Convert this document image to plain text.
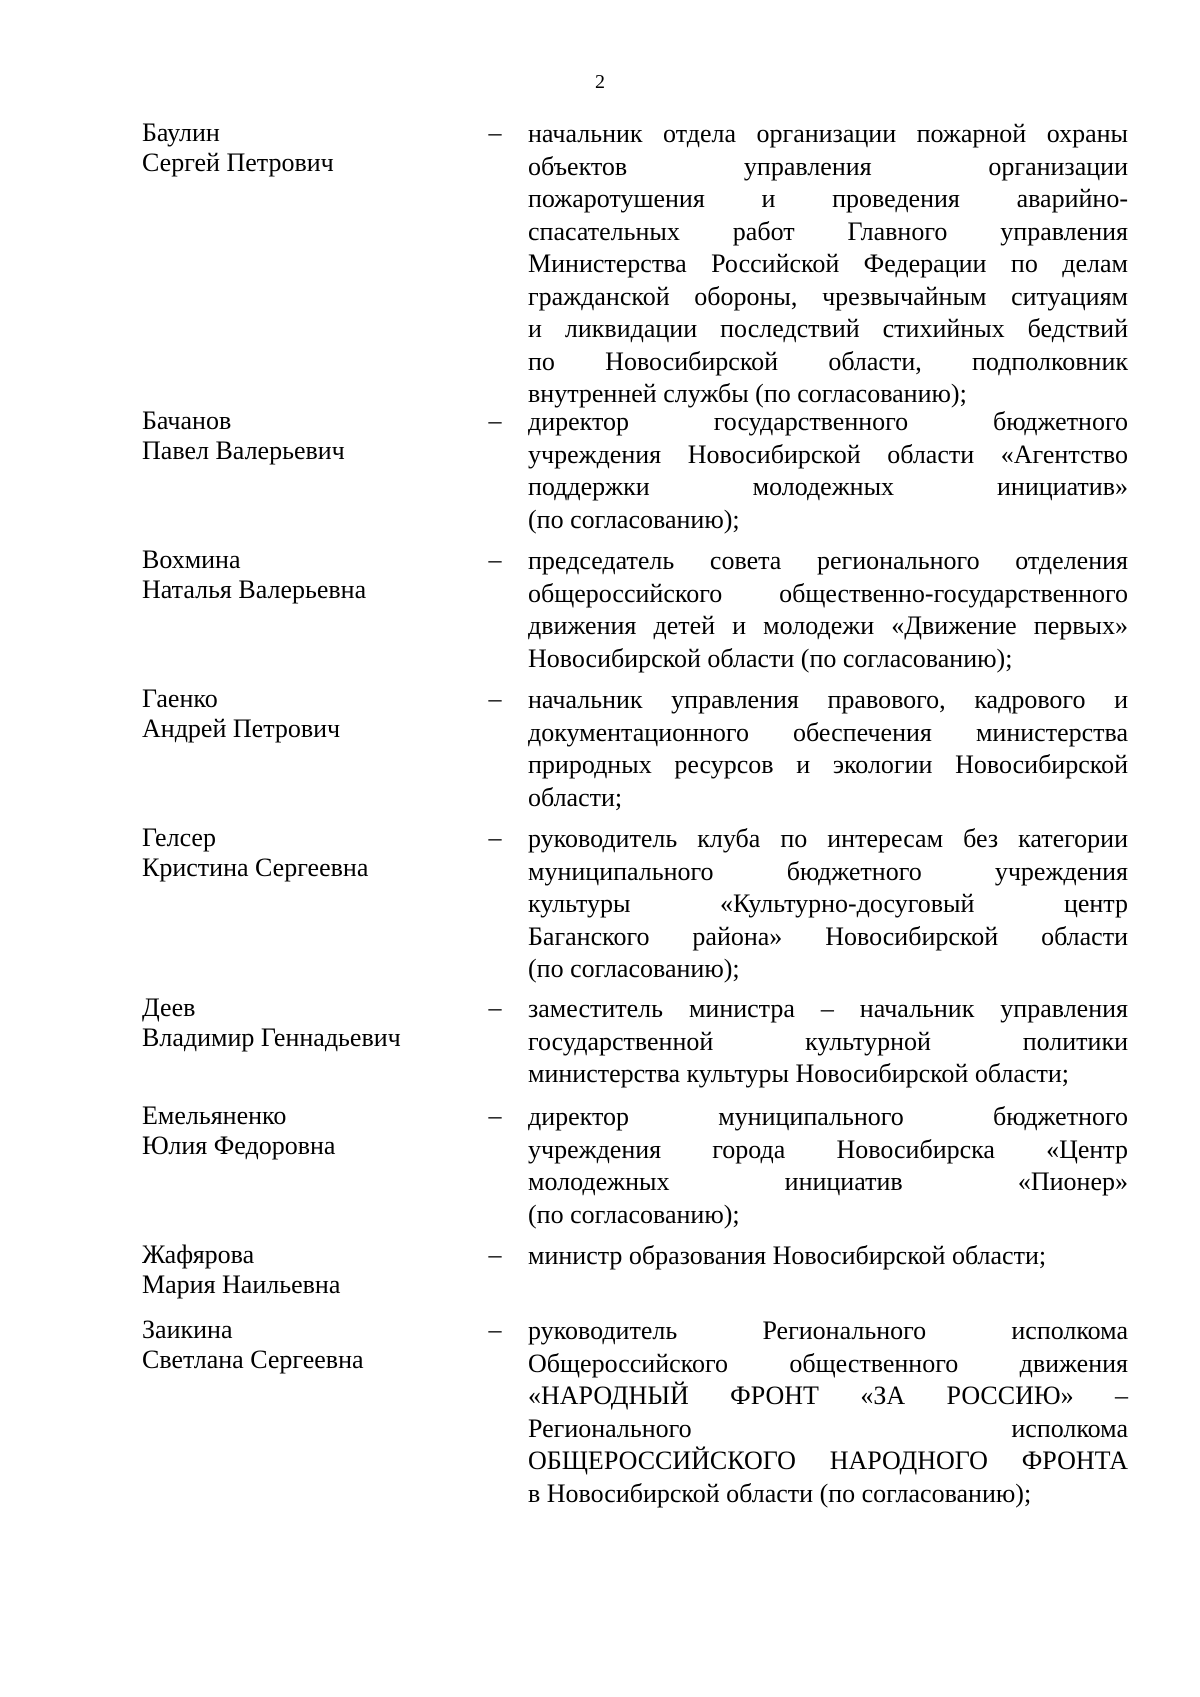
2
Баулин
Сергей Петрович
– начальник отдела организации пожарной охраны
объектов управления организации
пожаротушения и проведения аварийно-
спасательных работ Главного управления
Министерства Российской Федерации по делам
гражданской обороны, чрезвычайным ситуациям
и ликвидации последствий стихийных бедствий
по Новосибирской области, подполковник
внутренней службы (по согласованию);
Бачанов
Павел Валерьевич
– директор государственного бюджетного
учреждения Новосибирской области «Агентство
поддержки молодежных инициатив»
(по согласованию);
Вохмина
Наталья Валерьевна
– председатель совета регионального отделения
общероссийского общественно-государственного
движения детей и молодежи «Движение первых»
Новосибирской области (по согласованию);
Гаенко
Андрей Петрович
– начальник управления правового, кадрового и
документационного обеспечения министерства
природных ресурсов и экологии Новосибирской
области;
Гелсер
Кристина Сергеевна
– руководитель клуба по интересам без категории
муниципального бюджетного учреждения
культуры «Культурно-досуговый центр
Баганского района» Новосибирской области
(по согласованию);
Деев
Владимир Геннадьевич
– заместитель министра – начальник управления
государственной культурной политики
министерства культуры Новосибирской области;
Емельяненко
Юлия Федоровна
– директор муниципального бюджетного
учреждения города Новосибирска «Центр
молодежных инициатив «Пионер»
(по согласованию);
Жафярова
Мария Наильевна
– министр образования Новосибирской области;
Заикина
Светлана Сергеевна
– руководитель Регионального исполкома
Общероссийского общественного движения
«НАРОДНЫЙ ФРОНТ «ЗА РОССИЮ» –
Регионального исполкома
ОБЩЕРОССИЙСКОГО НАРОДНОГО ФРОНТА
в Новосибирской области (по согласованию);
